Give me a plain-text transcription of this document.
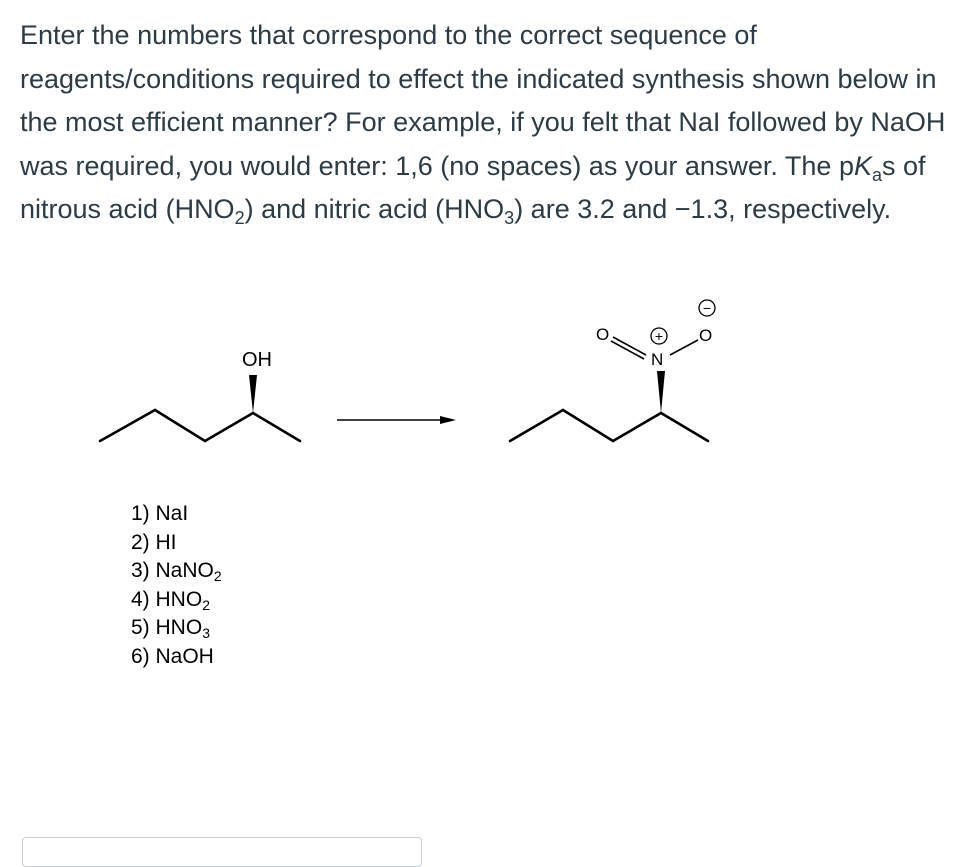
Enter the numbers that correspond to the correct sequence of reagents/conditions required to effect the indicated synthesis shown below in the most efficient manner? For example, if you felt that NaI followed by NaOH was required, you would enter: 1,6 (no spaces) as your answer. The $pK_as$ of nitrous acid $(HNO_2)$ and nitric acid $(HNO_3)$ are 3.2 and −1.3, respectively.

OH	N
O	O
+
−
1) NaI
2) HI
3) NaNO$_2$
4) $HNO_2$
5) $HNO_3$
6) NaOH
